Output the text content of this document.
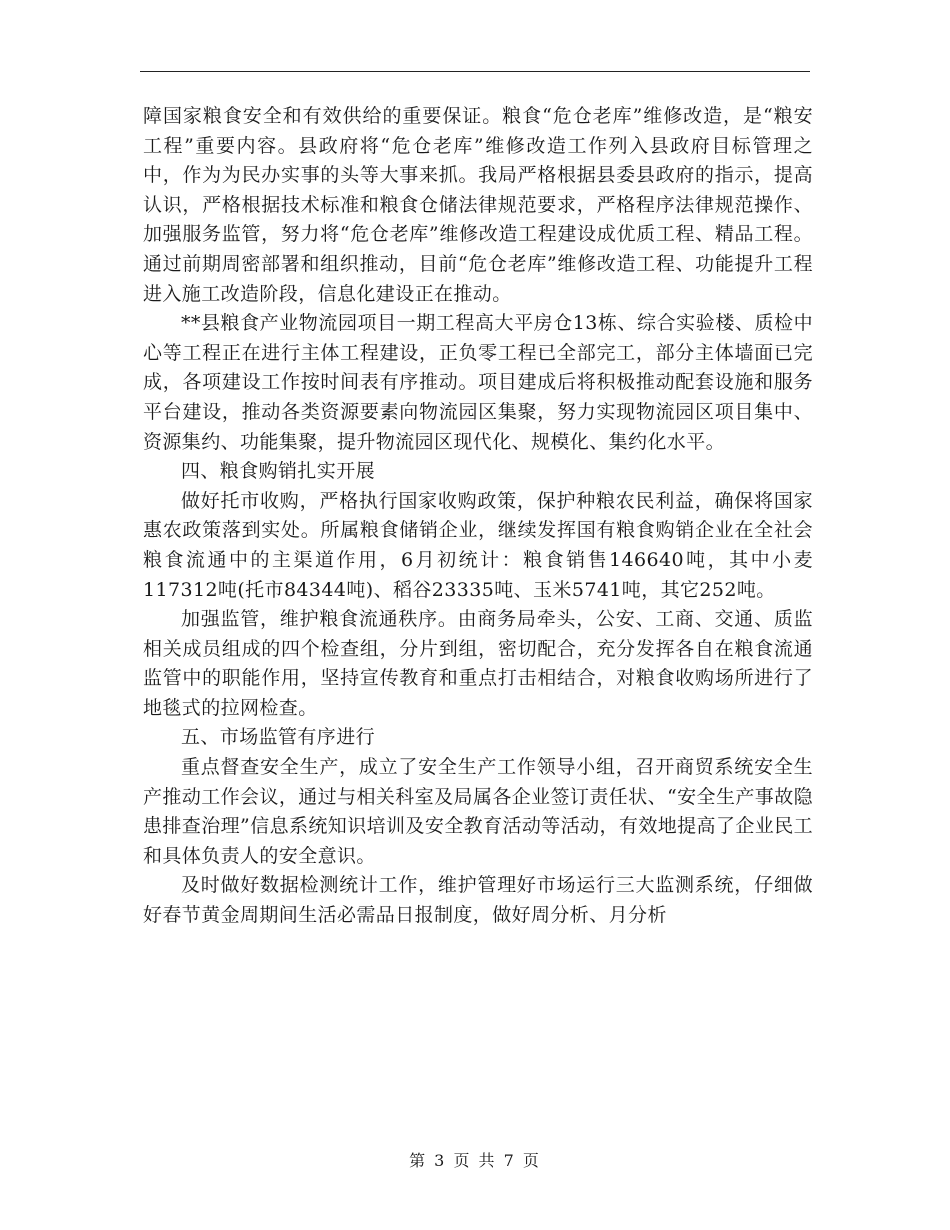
障国家粮食安全和有效供给的重要保证。粮食“危仓老库”维修改造，是“粮安工程”重要内容。县政府将“危仓老库”维修改造工作列入县政府目标管理之中，作为为民办实事的头等大事来抓。我局严格根据县委县政府的指示，提高认识，严格根据技术标准和粮食仓储法律规范要求，严格程序法律规范操作、加强服务监管，努力将“危仓老库”维修改造工程建设成优质工程、精品工程。通过前期周密部署和组织推动，目前“危仓老库”维修改造工程、功能提升工程进入施工改造阶段，信息化建设正在推动。

**县粮食产业物流园项目一期工程高大平房仓13栋、综合实验楼、质检中心等工程正在进行主体工程建设，正负零工程已全部完工，部分主体墙面已完成，各项建设工作按时间表有序推动。项目建成后将积极推动配套设施和服务平台建设，推动各类资源要素向物流园区集聚，努力实现物流园区项目集中、资源集约、功能集聚，提升物流园区现代化、规模化、集约化水平。

四、粮食购销扎实开展

做好托市收购，严格执行国家收购政策，保护种粮农民利益，确保将国家惠农政策落到实处。所属粮食储销企业，继续发挥国有粮食购销企业在全社会粮食流通中的主渠道作用，6月初统计：粮食销售146640吨，其中小麦117312吨(托市84344吨)、稻谷23335吨、玉米5741吨，其它252吨。

加强监管，维护粮食流通秩序。由商务局牵头，公安、工商、交通、质监相关成员组成的四个检查组，分片到组，密切配合，充分发挥各自在粮食流通监管中的职能作用，坚持宣传教育和重点打击相结合，对粮食收购场所进行了地毯式的拉网检查。

五、市场监管有序进行

重点督查安全生产，成立了安全生产工作领导小组，召开商贸系统安全生产推动工作会议，通过与相关科室及局属各企业签订责任状、“安全生产事故隐患排查治理”信息系统知识培训及安全教育活动等活动，有效地提高了企业民工和具体负责人的安全意识。

及时做好数据检测统计工作，维护管理好市场运行三大监测系统，仔细做好春节黄金周期间生活必需品日报制度，做好周分析、月分析

第 3 页 共 7 页
